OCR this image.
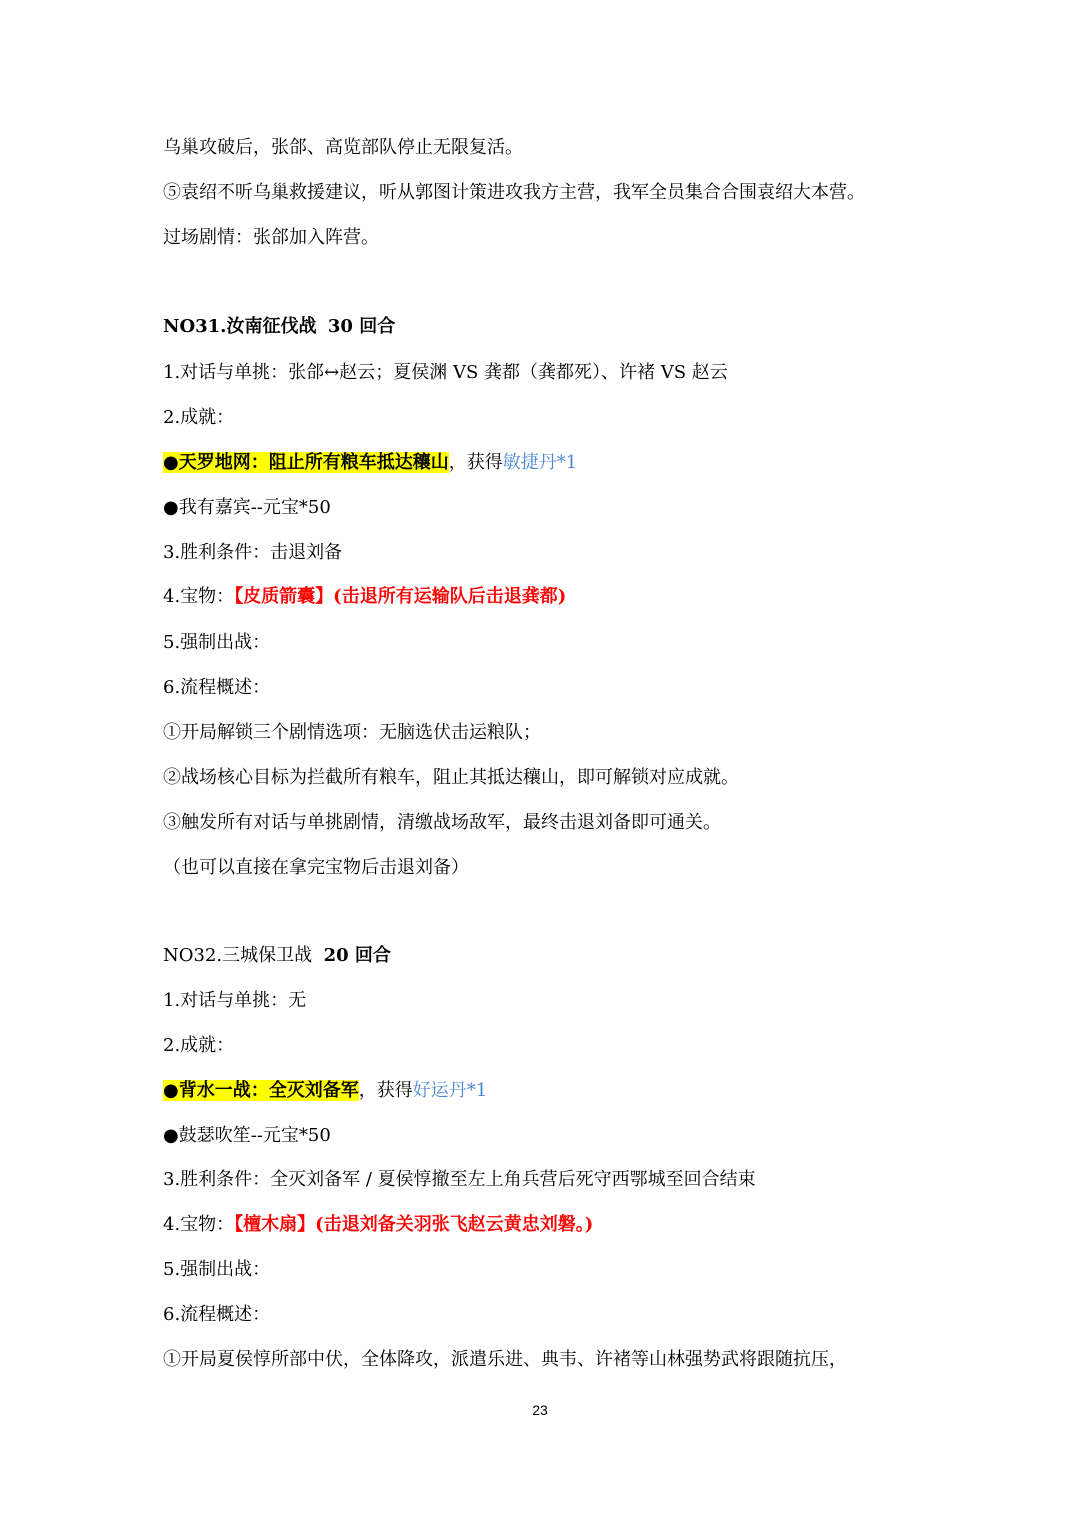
乌巢攻破后，张郃、高览部队停止无限复活。
⑤袁绍不听乌巢救援建议，听从郭图计策进攻我方主营，我军全员集合合围袁绍大本营。
过场剧情：张郃加入阵营。
NO31.汝南征伐战 30 回合
1.对话与单挑：张郃↔赵云；夏侯渊 VS 龚都（龚都死）、许褚 VS 赵云
2.成就：
●天罗地网：阻止所有粮车抵达穰山，获得敏捷丹*1
●我有嘉宾--元宝*50
3.胜利条件：击退刘备
4.宝物：【皮质箭囊】(击退所有运输队后击退龚都)
5.强制出战：
6.流程概述：
①开局解锁三个剧情选项：无脑选伏击运粮队；
②战场核心目标为拦截所有粮车，阻止其抵达穰山，即可解锁对应成就。
③触发所有对话与单挑剧情，清缴战场敌军，最终击退刘备即可通关。
（也可以直接在拿完宝物后击退刘备）
NO32.三城保卫战 20 回合
1.对话与单挑：无
2.成就：
●背水一战：全灭刘备军，获得好运丹*1
●鼓瑟吹笙--元宝*50
3.胜利条件：全灭刘备军 / 夏侯惇撤至左上角兵营后死守西鄂城至回合结束
4.宝物：【檀木扇】(击退刘备关羽张飞赵云黄忠刘磐。)
5.强制出战：
6.流程概述：
①开局夏侯惇所部中伏，全体降攻，派遣乐进、典韦、许褚等山林强势武将跟随抗压，
23
